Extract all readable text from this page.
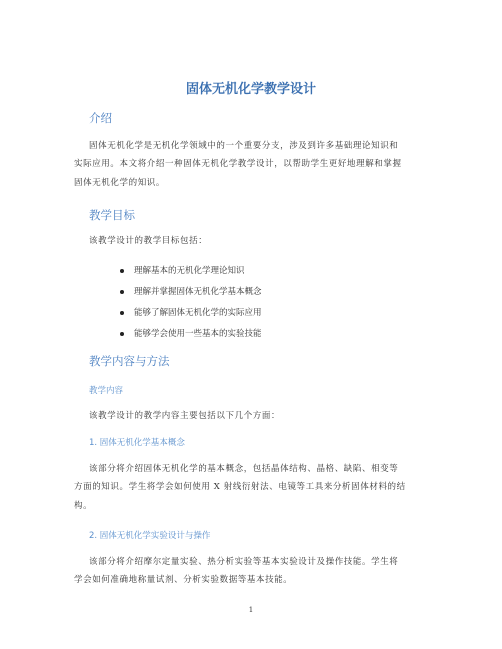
固体无机化学教学设计
介绍
固体无机化学是无机化学领域中的一个重要分支，涉及到许多基础理论知识和
实际应用。本文将介绍一种固体无机化学教学设计，以帮助学生更好地理解和掌握
固体无机化学的知识。
教学目标
该教学设计的教学目标包括：
理解基本的无机化学理论知识
理解并掌握固体无机化学基本概念
能够了解固体无机化学的实际应用
能够学会使用一些基本的实验技能
教学内容与方法
教学内容
该教学设计的教学内容主要包括以下几个方面：
1. 固体无机化学基本概念
该部分将介绍固体无机化学的基本概念，包括晶体结构、晶格、缺陷、相变等
方面的知识。学生将学会如何使用 X 射线衍射法、电镜等工具来分析固体材料的结
构。
2. 固体无机化学实验设计与操作
该部分将介绍摩尔定量实验、热分析实验等基本实验设计及操作技能。学生将
学会如何准确地称量试剂、分析实验数据等基本技能。
1
